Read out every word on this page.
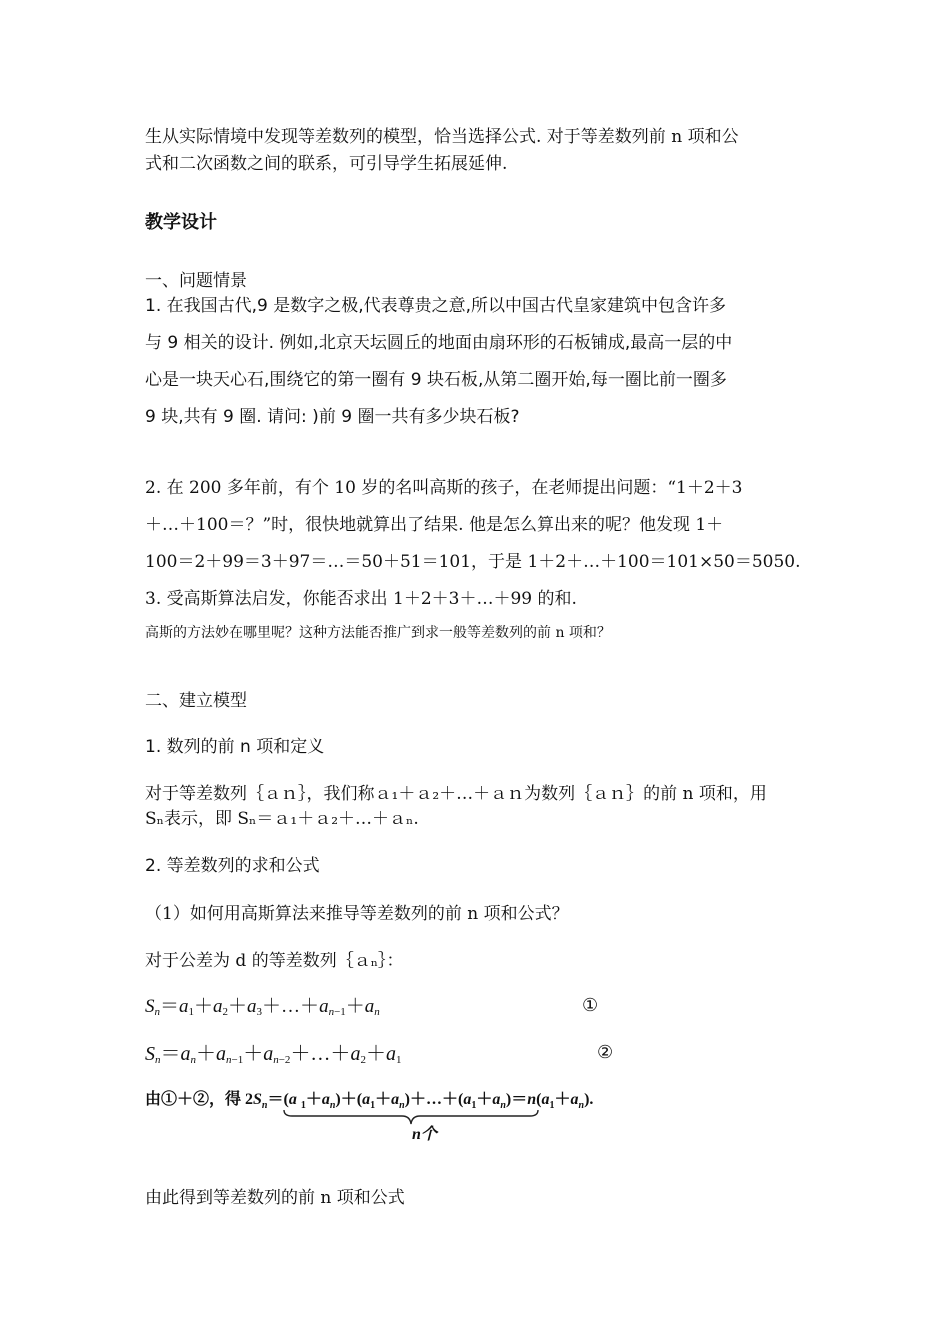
生从实际情境中发现等差数列的模型，恰当选择公式. 对于等差数列前 n 项和公
式和二次函数之间的联系，可引导学生拓展延伸.
教学设计
一、问题情景
1. 在我国古代,9 是数字之极,代表尊贵之意,所以中国古代皇家建筑中包含许多
与 9 相关的设计. 例如,北京天坛圆丘的地面由扇环形的石板铺成,最高一层的中
心是一块天心石,围绕它的第一圈有 9 块石板,从第二圈开始,每一圈比前一圈多
9 块,共有 9 圈. 请问: )前 9 圈一共有多少块石板?
2. 在 200 多年前，有个 10 岁的名叫高斯的孩子，在老师提出问题：“1＋2＋3
＋…＋100＝？”时，很快地就算出了结果. 他是怎么算出来的呢？他发现 1＋
100＝2＋99＝3＋97＝…＝50＋51＝101，于是 1＋2＋…＋100＝101×50＝5050.
3. 受高斯算法启发，你能否求出 1＋2＋3＋…＋99 的和.
高斯的方法妙在哪里呢？这种方法能否推广到求一般等差数列的前 n 项和？
二、建立模型
1. 数列的前 n 项和定义
对于等差数列｛ａｎ｝，我们称ａ₁＋ａ₂＋…＋ａｎ为数列｛ａｎ｝的前 n 项和，用
Sₙ表示，即 Sₙ＝ａ₁＋ａ₂＋…＋ａₙ.
2. 等差数列的求和公式
（1）如何用高斯算法来推导等差数列的前 n 项和公式？
对于公差为 d 的等差数列｛ａₙ｝：
$S_n=a_1+a_2+a_3+\dots+a_{n-1}+a_n$	①
$S_n=a_n+a_{n-1}+a_{n-2}+\dots+a_2+a_1$	②
由①＋②，得 $2S_n=(a$ $_1+a_n)+(a_1+a_n)+\dots+(a_1+a_n)=n(a_1+a_n)$.
n个
由此得到等差数列的前 n 项和公式
